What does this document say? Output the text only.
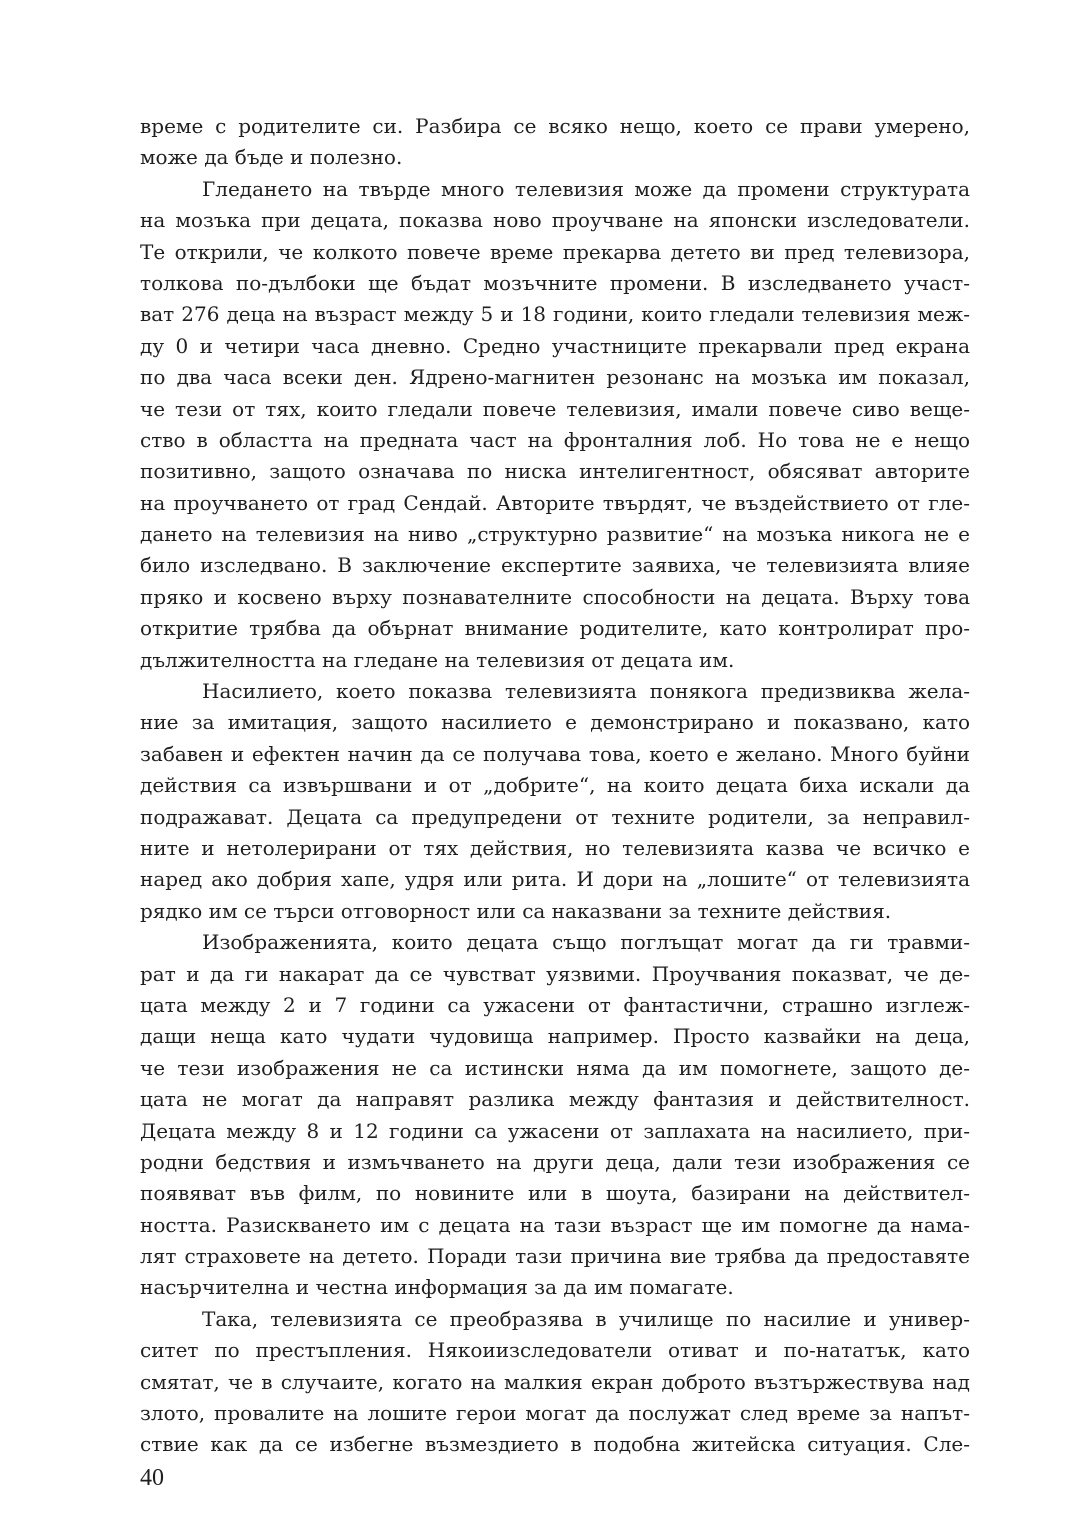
време с родителите си. Разбира се всяко нещо, което се прави умерено,
може да бъде и полезно.
Гледането на твърде много телевизия може да промени структурата
на мозъка при децата, показва ново проучване на японски изследователи.
Те открили, че колкото повече време прекарва детето ви пред телевизора,
толкова по-дълбоки ще бъдат мозъчните промени. В изследването участ-
ват 276 деца на възраст между 5 и 18 години, които гледали телевизия меж-
ду 0 и четири часа дневно. Средно участниците прекарвали пред екрана
по два часа всеки ден. Ядрено-магнитен резонанс на мозъка им показал,
че тези от тях, които гледали повече телевизия, имали повече сиво веще-
ство в областта на предната част на фронталния лоб. Но това не е нещо
позитивно, защото означава по ниска интелигентност, обясяват авторите
на проучването от град Сендай. Авторите твърдят, че въздействието от гле-
дането на телевизия на ниво „структурно развитие“ на мозъка никога не е
било изследвано. В заключение експертите заявиха, че телевизията влияе
пряко и косвено върху познавателните способности на децата. Върху това
откритие трябва да обърнат внимание родителите, като контролират про-
дължителността на гледане на телевизия от децата им.
Насилието, което показва телевизията понякога предизвиква жела-
ние за имитация, защото насилието е демонстрирано и показвано, като
забавен и ефектен начин да се получава това, което е желано. Много буйни
действия са извършвани и от „добрите“, на които децата биха искали да
подражават. Децата са предупредени от техните родители, за неправил-
ните и нетолерирани от тях действия, но телевизията казва че всичко е
наред ако добрия хапе, удря или рита. И дори на „лошите“ от телевизията
рядко им се търси отговорност или са наказвани за техните действия.
Изображенията, които децата също поглъщат могат да ги травми-
рат и да ги накарат да се чувстват уязвими. Проучвания показват, че де-
цата между 2 и 7 години са ужасени от фантастични, страшно изглеж-
дащи неща като чудати чудовища например. Просто казвайки на деца,
че тези изображения не са истински няма да им помогнете, защото де-
цата не могат да направят разлика между фантазия и действителност.
Децата между 8 и 12 години са ужасени от заплахата на насилието, при-
родни бедствия и измъчването на други деца, дали тези изображения се
появяват във филм, по новините или в шоута, базирани на действител-
ността. Разискването им с децата на тази възраст ще им помогне да нама-
лят страховете на детето. Поради тази причина вие трябва да предоставяте
насърчителна и честна информация за да им помагате.
Така, телевизията се преобразява в училище по насилие и универ-
ситет по престъпления. Някоиизследователи отиват и по-нататък, като
смятат, че в случаите, когато на малкия екран доброто възтържествува над
злото, провалите на лошите герои могат да послужат след време за напът-
ствие как да се избегне възмездието в подобна житейска ситуация. Сле-
40
